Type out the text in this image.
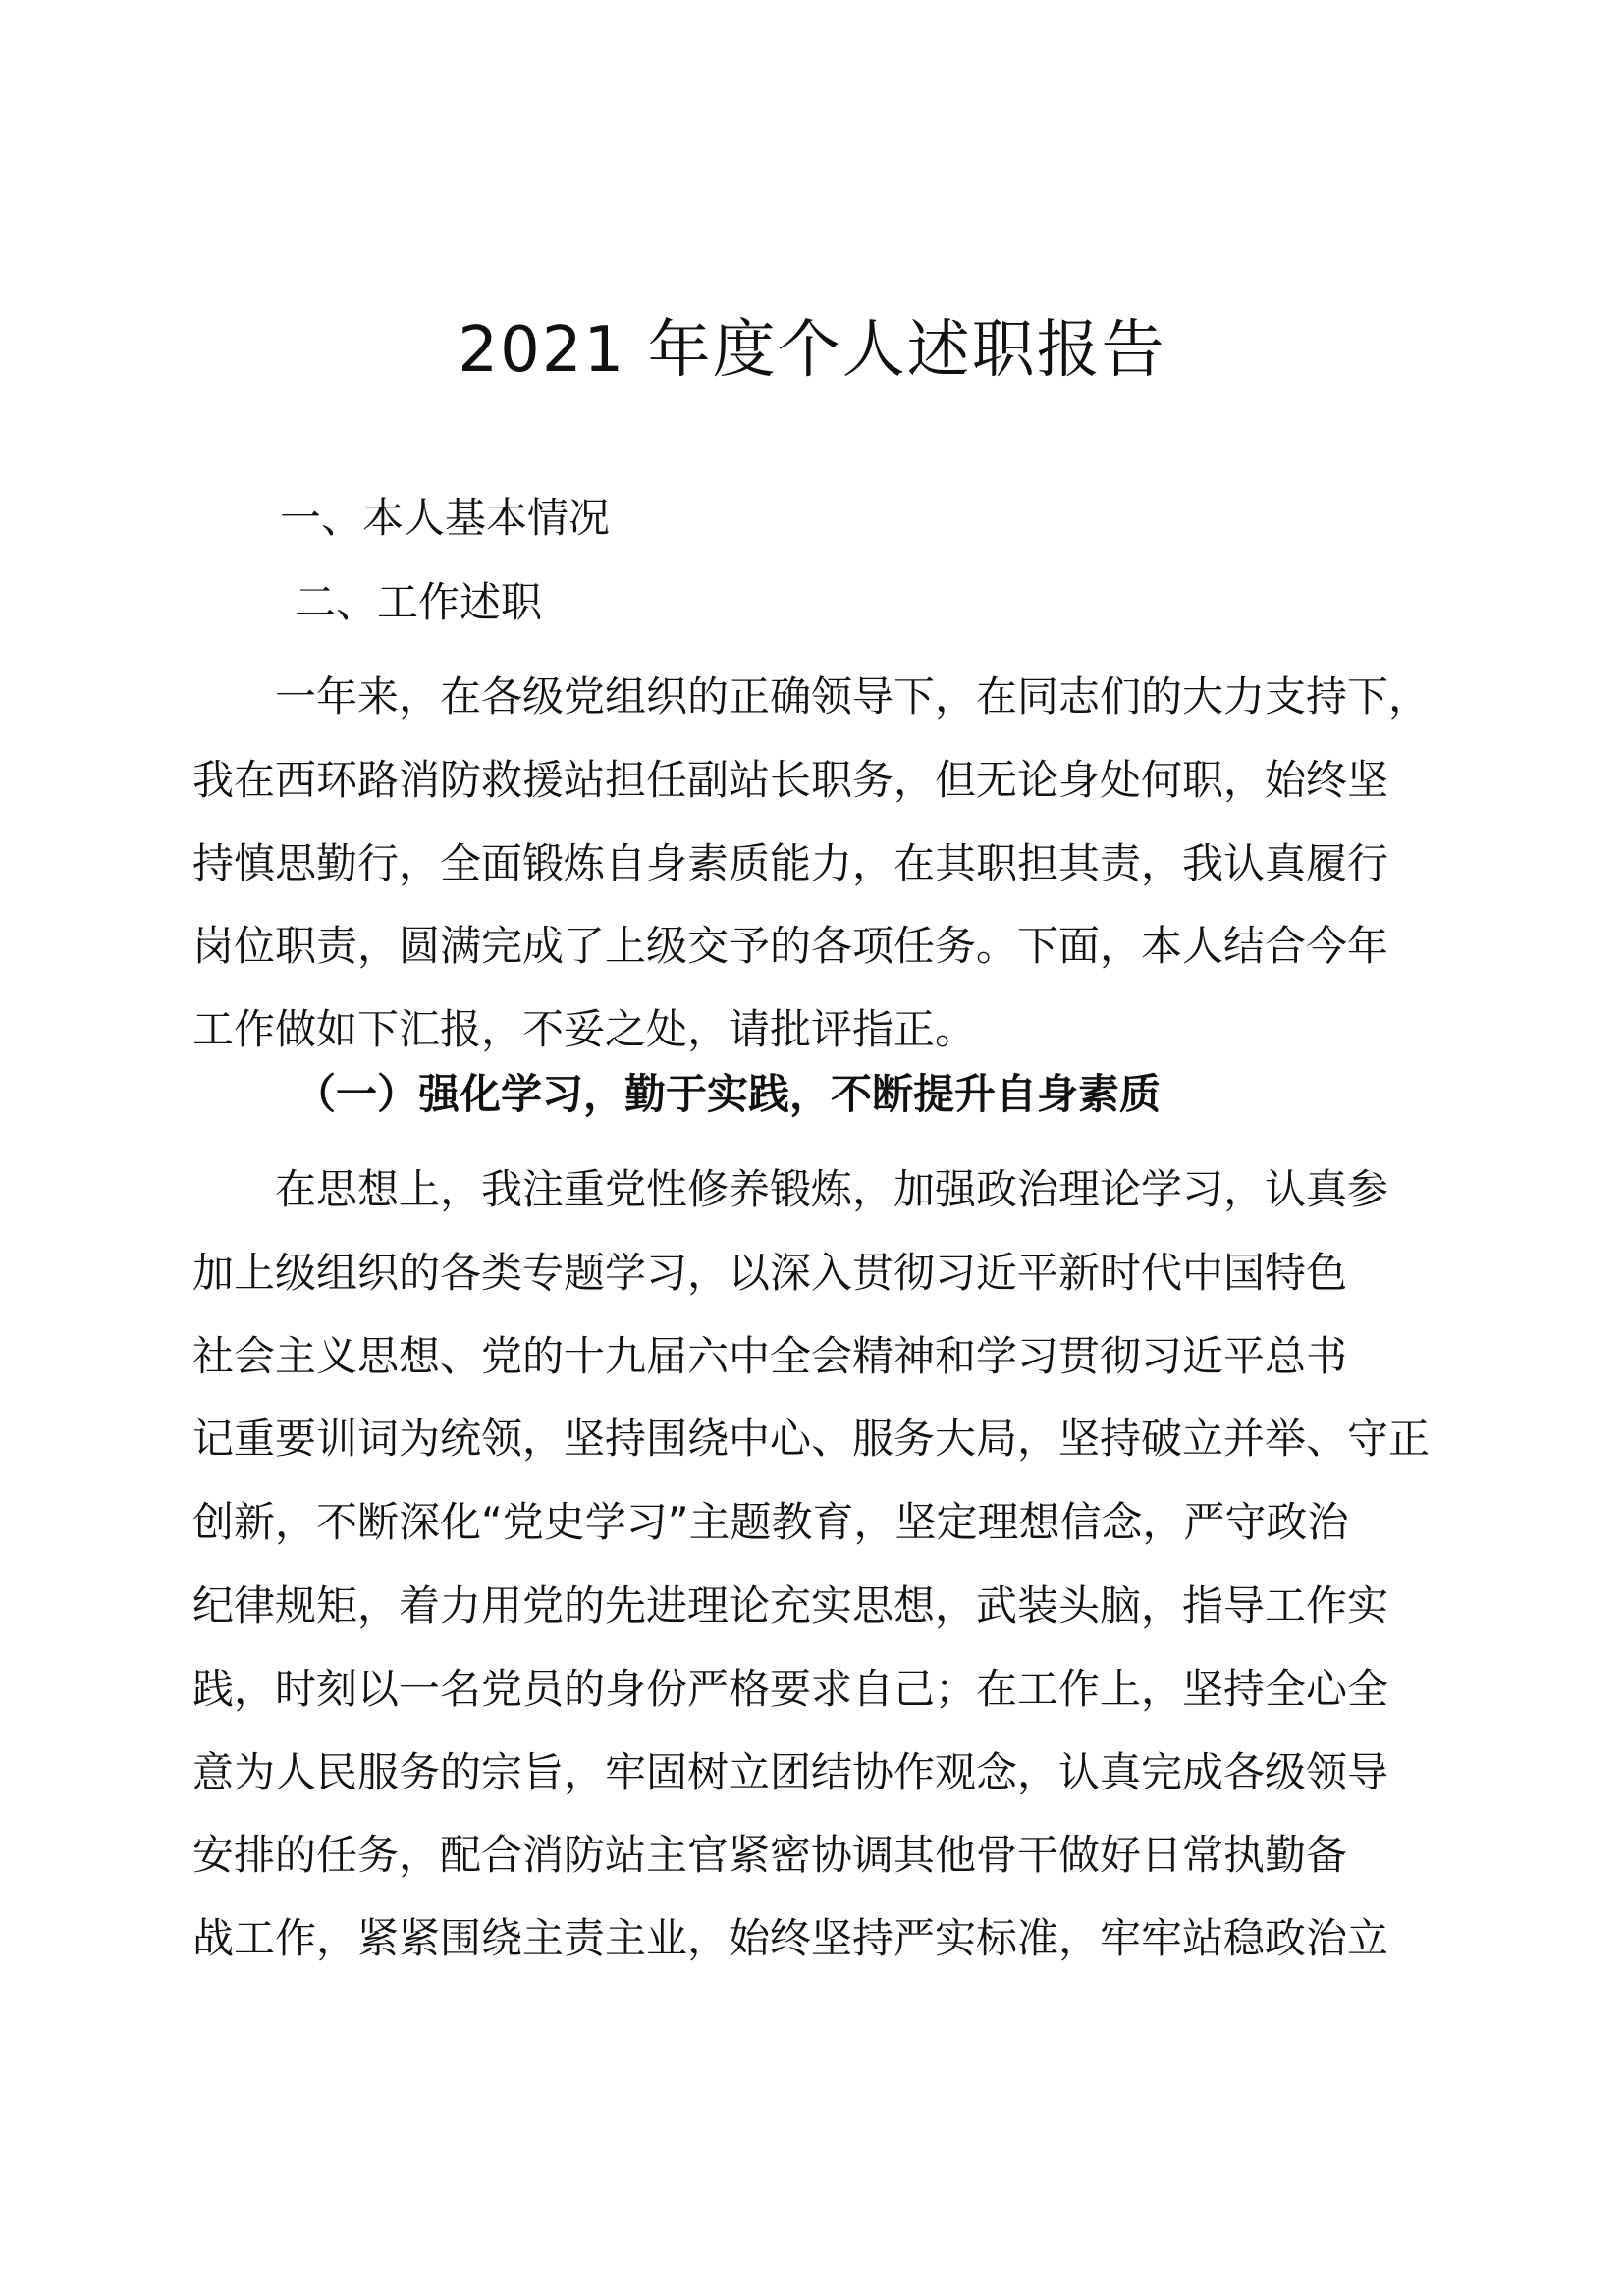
2021 年度个人述职报告
一、本人基本情况
二、工作述职
　　一年来，在各级党组织的正确领导下，在同志们的大力支持下，
我在西环路消防救援站担任副站长职务，但无论身处何职，始终坚
持慎思勤行，全面锻炼自身素质能力，在其职担其责，我认真履行
岗位职责，圆满完成了上级交予的各项任务。下面，本人结合今年
工作做如下汇报，不妥之处，请批评指正。
（一）强化学习，勤于实践，不断提升自身素质
　　在思想上，我注重党性修养锻炼，加强政治理论学习，认真参
加上级组织的各类专题学习，以深入贯彻习近平新时代中国特色
社会主义思想、党的十九届六中全会精神和学习贯彻习近平总书
记重要训词为统领，坚持围绕中心、服务大局，坚持破立并举、守正
创新，不断深化“党史学习”主题教育，坚定理想信念，严守政治
纪律规矩，着力用党的先进理论充实思想，武装头脑，指导工作实
践，时刻以一名党员的身份严格要求自己；在工作上，坚持全心全
意为人民服务的宗旨，牢固树立团结协作观念，认真完成各级领导
安排的任务，配合消防站主官紧密协调其他骨干做好日常执勤备
战工作，紧紧围绕主责主业，始终坚持严实标准，牢牢站稳政治立
